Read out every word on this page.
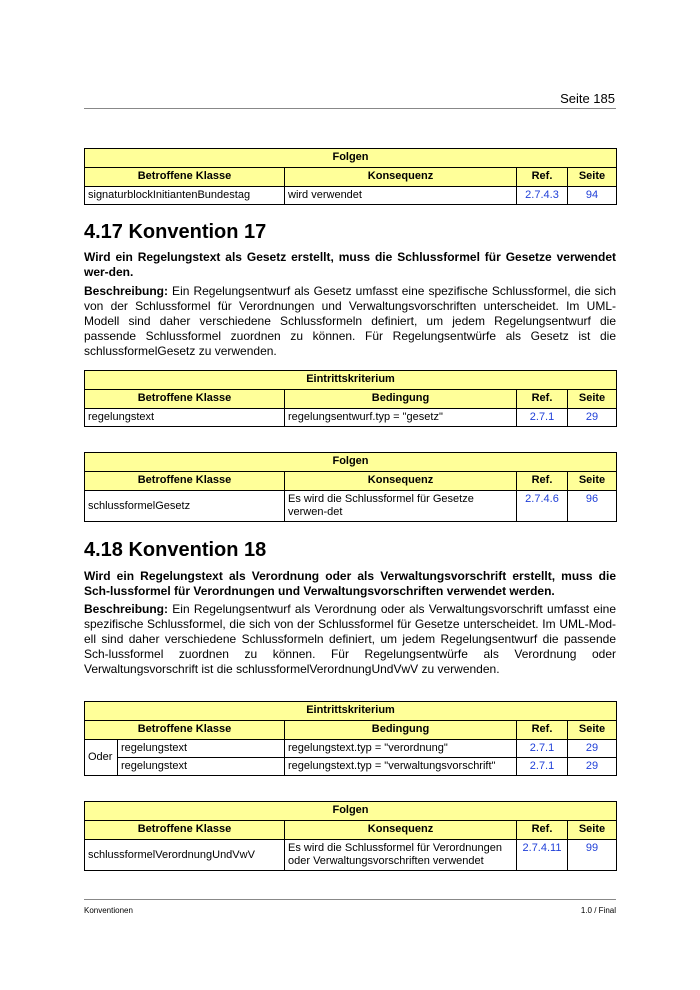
Seite 185
Folgen			
Betroffene Klasse	Konsequenz	Ref.	Seite
signaturblockInitiantenBundestag	wird verwendet	2.7.4.3	94
4.17 Konvention 17

Wird ein Regelungstext als Gesetz erstellt, muss die Schlussformel für Gesetze verwendet wer-den.

Beschreibung: Ein Regelungsentwurf als Gesetz umfasst eine spezifische Schlussformel, die sich von der Schlussformel für Verordnungen und Verwaltungsvorschriften unterscheidet. Im UML-Modell sind daher verschiedene Schlussformeln definiert, um jedem Regelungsentwurf die passende Schlussformel zuordnen zu können. Für Regelungsentwürfe als Gesetz ist die schlussformelGesetz zu verwenden.

Eintrittskriterium			
Betroffene Klasse	Bedingung	Ref.	Seite
regelungstext	regelungsentwurf.typ = "gesetz"	2.7.1	29
Folgen			
Betroffene Klasse	Konsequenz	Ref.	Seite
schlussformelGesetz	Es wird die Schlussformel für Gesetze verwen-det	2.7.4.6	96
4.18 Konvention 18

Wird ein Regelungstext als Verordnung oder als Verwaltungsvorschrift erstellt, muss die Sch-lussformel für Verordnungen und Verwaltungsvorschriften verwendet werden.

Beschreibung: Ein Regelungsentwurf als Verordnung oder als Verwaltungsvorschrift umfasst eine spezifische Schlussformel, die sich von der Schlussformel für Gesetze unterscheidet. Im UML-Mod-ell sind daher verschiedene Schlussformeln definiert, um jedem Regelungsentwurf die passende Sch-lussformel zuordnen zu können. Für Regelungsentwürfe als Verordnung oder Verwaltungsvorschrift ist die schlussformelVerordnungUndVwV zu verwenden.

Eintrittskriterium				
Betroffene Klasse		Bedingung	Ref.	Seite
Oder	regelungstext	regelungstext.typ = "verordnung"	2.7.1	29
	regelungstext	regelungstext.typ = "verwaltungsvorschrift"	2.7.1	29
Folgen			
Betroffene Klasse	Konsequenz	Ref.	Seite
schlussformelVerordnungUndVwV	Es wird die Schlussformel für Verordnungen oder Verwaltungsvorschriften verwendet	2.7.4.11	99
Konventionen	1.0 / Final
